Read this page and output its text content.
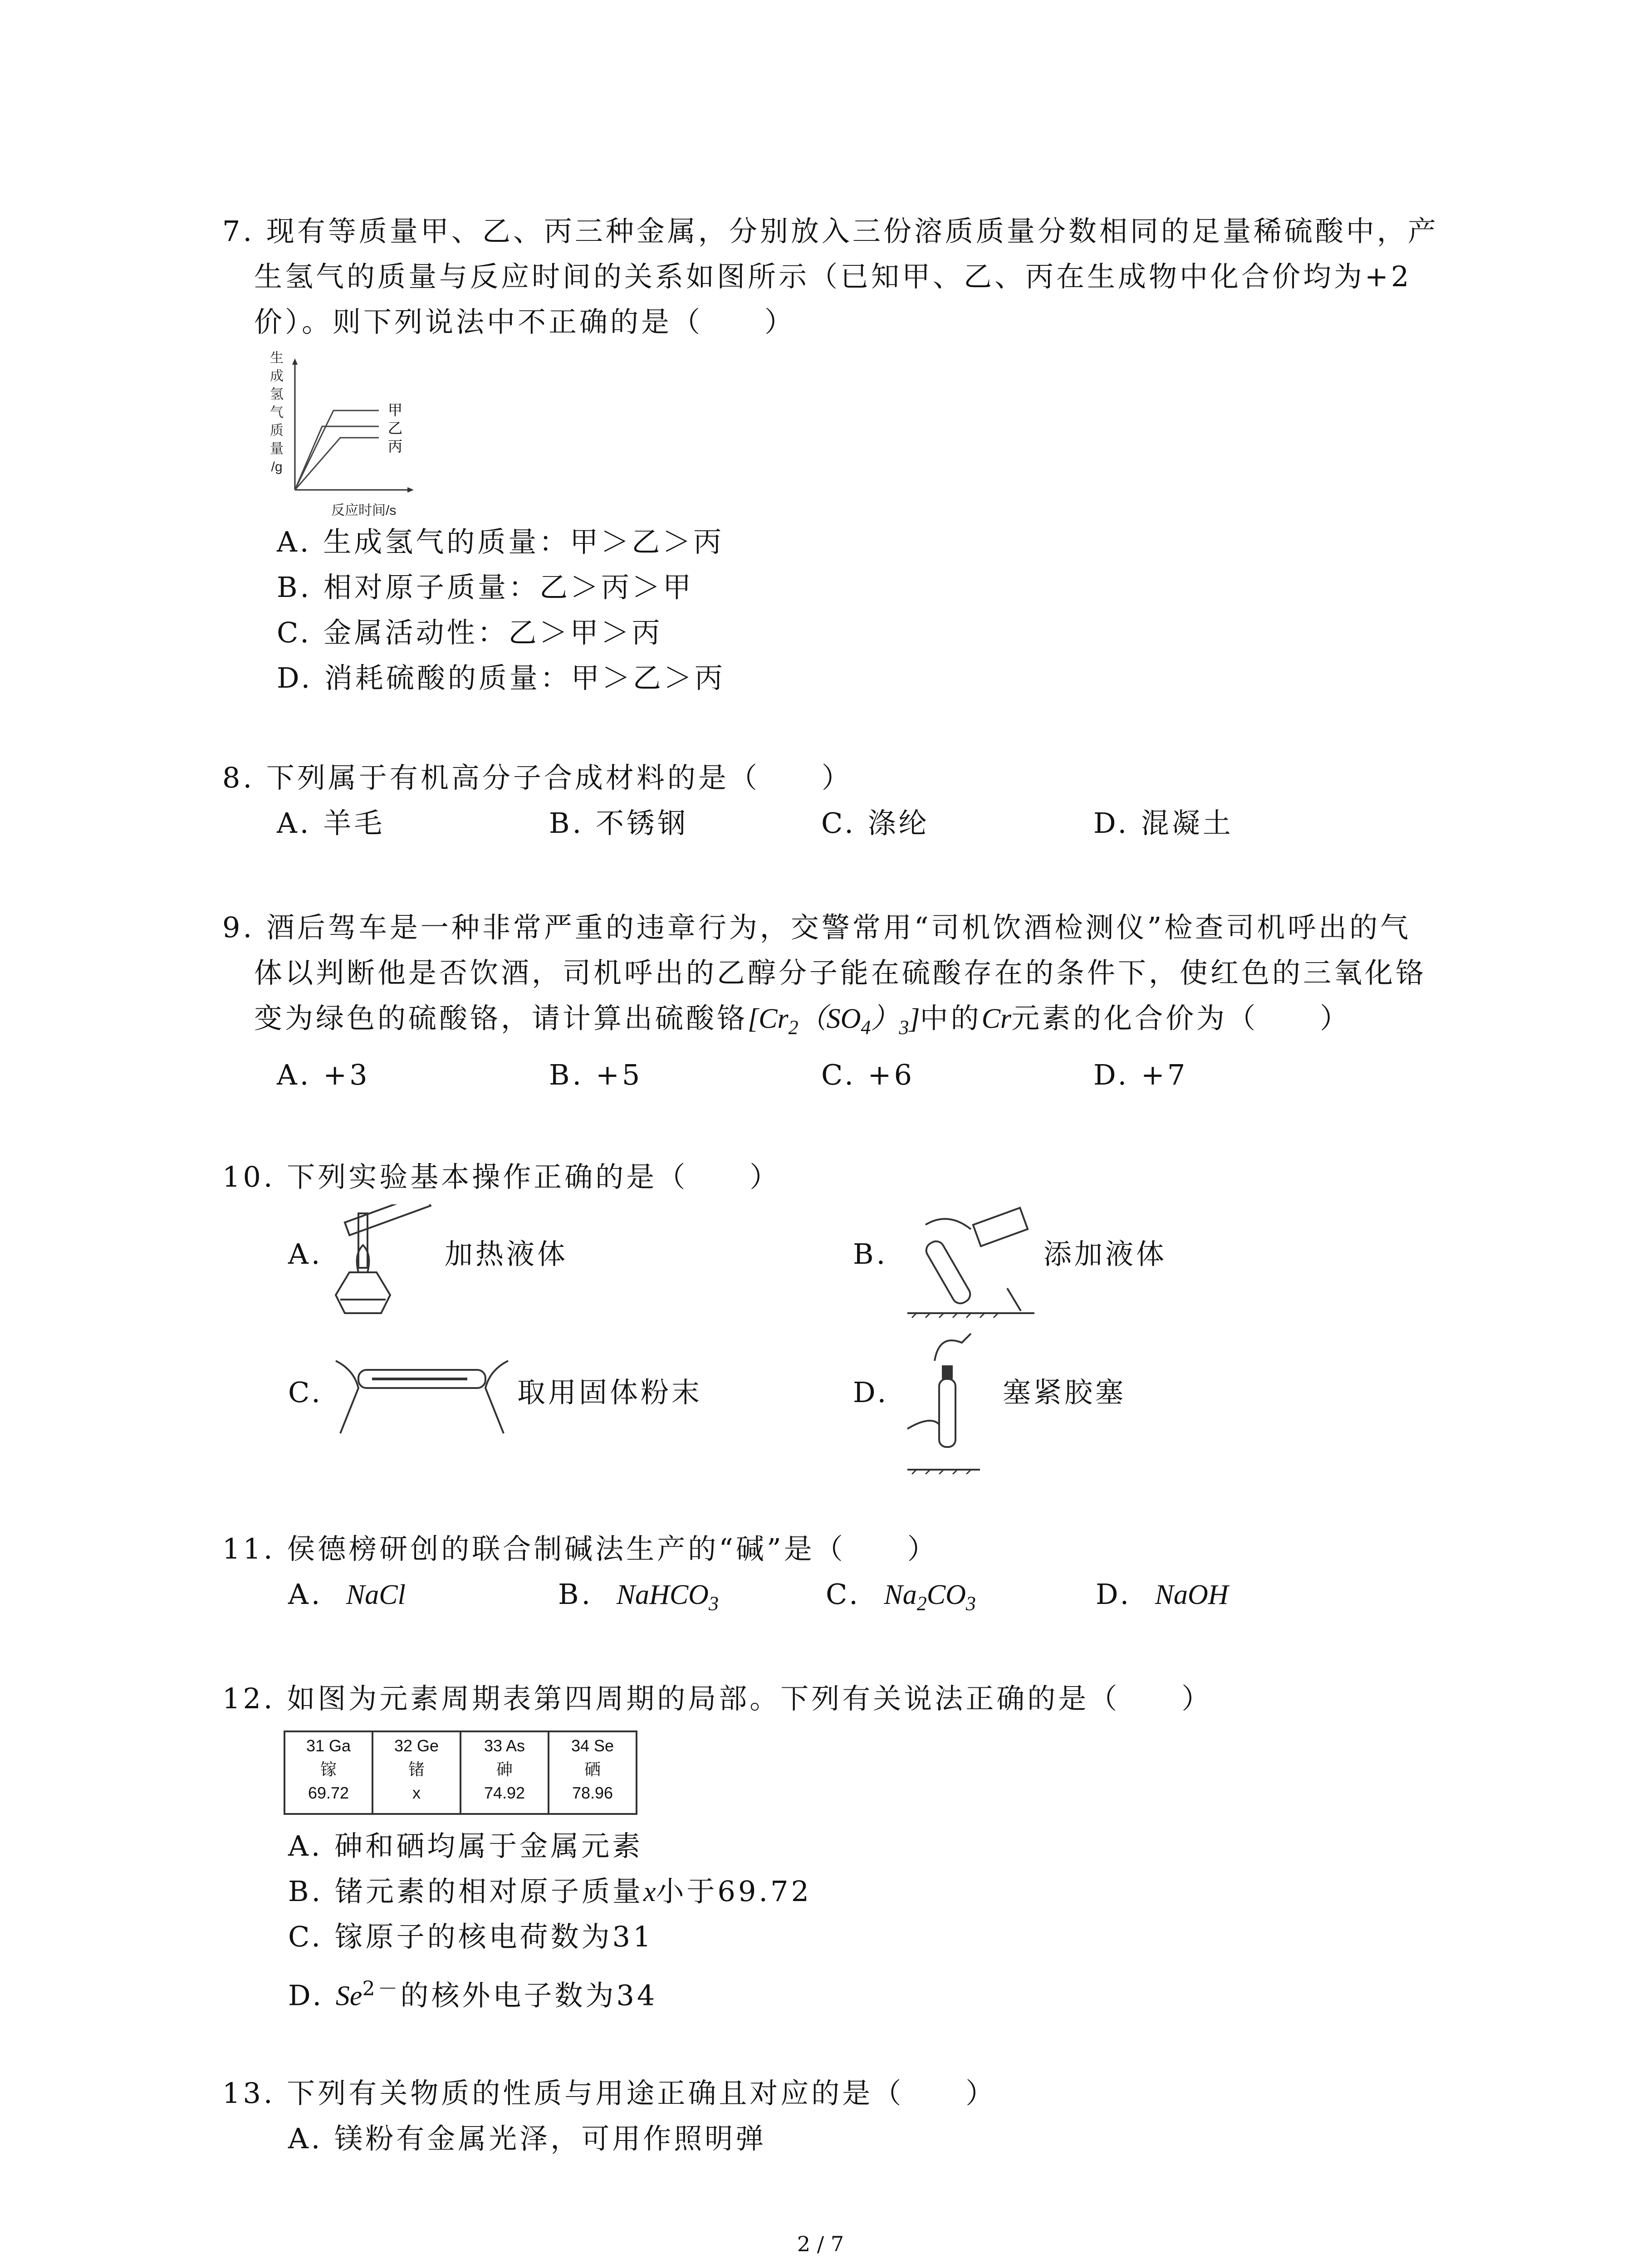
7. 现有等质量甲、乙、丙三种金属，分别放入三份溶质质量分数相同的足量稀硫酸中，产
生氢气的质量与反应时间的关系如图所示（已知甲、乙、丙在生成物中化合价均为+2
价）。则下列说法中不正确的是（　　）
生
成
氢
气
质
量
/g
甲
乙
丙
反应时间/s
A. 生成氢气的质量：甲＞乙＞丙
B. 相对原子质量：乙＞丙＞甲
C. 金属活动性：乙＞甲＞丙
D. 消耗硫酸的质量：甲＞乙＞丙
8. 下列属于有机高分子合成材料的是（　　）
A. 羊毛	B. 不锈钢	C. 涤纶	D. 混凝土
9. 酒后驾车是一种非常严重的违章行为，交警常用“司机饮酒检测仪”检查司机呼出的气
体以判断他是否饮酒，司机呼出的乙醇分子能在硫酸存在的条件下，使红色的三氧化铬
变为绿色的硫酸铬，请计算出硫酸铬$[Cr_2(SO_4)_3]$中的Cr元素的化合价为（　　）
A. +3	B. +5	C. +6	D. +7
10. 下列实验基本操作正确的是（　　）
A.	加热液体	B.	添加液体
C.	取用固体粉末	D.	塞紧胶塞
11. 侯德榜研创的联合制碱法生产的“碱”是（　　）
A. NaCl	B. NaHCO$_3$	C. $Na_2CO_3$	D. NaOH
12. 如图为元素周期表第四周期的局部。下列有关说法正确的是（　　）
31 Ga
镓
69.72

32 Ge
锗
x

33 As
砷
74.92

34 Se
硒
78.96
A. 砷和硒均属于金属元素
B. 锗元素的相对原子质量x小于69.72
C. 镓原子的核电荷数为31
D. $Se^{2-}$的核外电子数为34
13. 下列有关物质的性质与用途正确且对应的是（　　）
A. 镁粉有金属光泽，可用作照明弹
2 / 7
